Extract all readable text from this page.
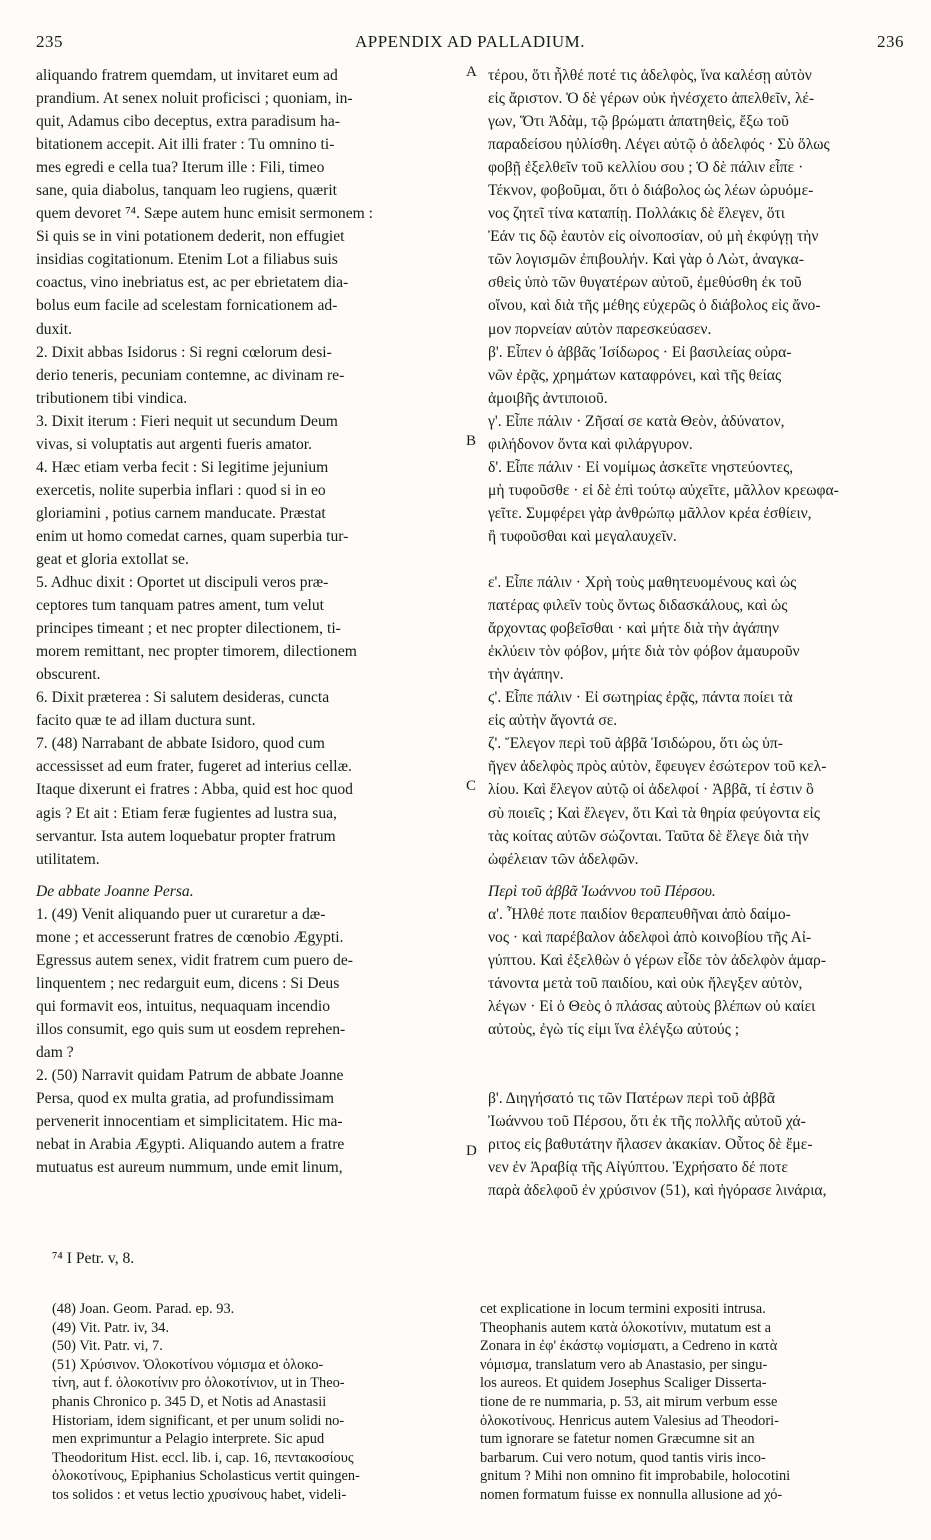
235	APPENDIX AD PALLADIUM.	236

aliquando fratrem quemdam, ut invitaret eum ad

prandium. At senex noluit proficisci ; quoniam, in-

quit, Adamus cibo deceptus, extra paradisum ha-

bitationem accepit. Ait illi frater : Tu omnino ti-

mes egredi e cella tua? Iterum ille : Fili, timeo

sane, quia diabolus, tanquam leo rugiens, quærit

quem devoret ⁷⁴. Sæpe autem hunc emisit sermonem :

Si quis se in vini potationem dederit, non effugiet

insidias cogitationum. Etenim Lot a filiabus suis

coactus, vino inebriatus est, ac per ebrietatem dia-

bolus eum facile ad scelestam fornicationem ad-

duxit.

2. Dixit abbas Isidorus : Si regni cœlorum desi-

derio teneris, pecuniam contemne, ac divinam re-

tributionem tibi vindica.

3. Dixit iterum : Fieri nequit ut secundum Deum

vivas, si voluptatis aut argenti fueris amator.

4. Hæc etiam verba fecit : Si legitime jejunium

exercetis, nolite superbia inflari : quod si in eo

gloriamini , potius carnem manducate. Præstat

enim ut homo comedat carnes, quam superbia tur-

geat et gloria extollat se.

5. Adhuc dixit : Oportet ut discipuli veros præ-

ceptores tum tanquam patres ament, tum velut

principes timeant ; et nec propter dilectionem, ti-

morem remittant, nec propter timorem, dilectionem

obscurent.

6. Dixit præterea : Si salutem desideras, cuncta

facito quæ te ad illam ductura sunt.

7. (48) Narrabant de abbate Isidoro, quod cum

accessisset ad eum frater, fugeret ad interius cellæ.

Itaque dixerunt ei fratres : Abba, quid est hoc quod

agis ? Et ait : Etiam feræ fugientes ad lustra sua,

servantur. Ista autem loquebatur propter fratrum

utilitatem.

De abbate Joanne Persa.

1. (49) Venit aliquando puer ut curaretur a dæ-

mone ; et accesserunt fratres de cœnobio Ægypti.

Egressus autem senex, vidit fratrem cum puero de-

linquentem ; nec redarguit eum, dicens : Si Deus

qui formavit eos, intuitus, nequaquam incendio

illos consumit, ego quis sum ut eosdem reprehen-

dam ?

2. (50) Narravit quidam Patrum de abbate Joanne

Persa, quod ex multa gratia, ad profundissimam

pervenerit innocentiam et simplicitatem. Hic ma-

nebat in Arabia Ægypti. Aliquando autem a fratre

mutuatus est aureum nummum, unde emit linum,

τέρου, ὅτι ἦλθέ ποτέ τις ἀδελφὸς, ἵνα καλέσῃ αὐτὸν

εἰς ἄριστον. Ὁ δὲ γέρων οὐκ ἠνέσχετο ἀπελθεῖν, λέ-

γων, Ὅτι Ἀδὰμ, τῷ βρώματι ἀπατηθεὶς, ἔξω τοῦ

παραδείσου ηὐλίσθη. Λέγει αὐτῷ ὁ ἀδελφός · Σὺ ὅλως

φοβῇ ἐξελθεῖν τοῦ κελλίου σου ; Ὁ δὲ πάλιν εἶπε ·

Τέκνον, φοβοῦμαι, ὅτι ὁ διάβολος ὡς λέων ὠρυόμε-

νος ζητεῖ τίνα καταπίῃ. Πολλάκις δὲ ἔλεγεν, ὅτι

Ἐάν τις δῷ ἑαυτὸν εἰς οἰνοποσίαν, οὐ μὴ ἐκφύγῃ τὴν

τῶν λογισμῶν ἐπιβουλήν. Καὶ γὰρ ὁ Λὼτ, ἀναγκα-

σθεὶς ὑπὸ τῶν θυγατέρων αὐτοῦ, ἐμεθύσθη ἐκ τοῦ

οἴνου, καὶ διὰ τῆς μέθης εὐχερῶς ὁ διάβολος εἰς ἄνο-

μον πορνείαν αὐτὸν παρεσκεύασεν.

β'. Εἶπεν ὁ ἀββᾶς Ἰσίδωρος · Εἰ βασιλείας οὐρα-

νῶν ἐρᾷς, χρημάτων καταφρόνει, καὶ τῆς θείας

ἀμοιβῆς ἀντιποιοῦ.

γ'. Εἶπε πάλιν · Ζῆσαί σε κατὰ Θεὸν, ἀδύνατον,

φιλήδονον ὄντα καὶ φιλάργυρον.

δ'. Εἶπε πάλιν · Εἰ νομίμως ἀσκεῖτε νηστεύοντες,

μὴ τυφοῦσθε · εἰ δὲ ἐπὶ τούτῳ αὐχεῖτε, μᾶλλον κρεωφα-

γεῖτε. Συμφέρει γὰρ ἀνθρώπῳ μᾶλλον κρέα ἐσθίειν,

ἢ τυφοῦσθαι καὶ μεγαλαυχεῖν.

ε'. Εἶπε πάλιν · Χρὴ τοὺς μαθητευομένους καὶ ὡς

πατέρας φιλεῖν τοὺς ὄντως διδασκάλους, καὶ ὡς

ἄρχοντας φοβεῖσθαι · καὶ μήτε διὰ τὴν ἀγάπην

ἐκλύειν τὸν φόβον, μήτε διὰ τὸν φόβον ἀμαυροῦν

τὴν ἀγάπην.

ϛ'. Εἶπε πάλιν · Εἰ σωτηρίας ἐρᾷς, πάντα ποίει τὰ

εἰς αὐτὴν ἄγοντά σε.

ζ'. Ἔλεγον περὶ τοῦ ἀββᾶ Ἰσιδώρου, ὅτι ὡς ὑπ-

ῆγεν ἀδελφὸς πρὸς αὐτὸν, ἔφευγεν ἐσώτερον τοῦ κελ-

λίου. Καὶ ἔλεγον αὐτῷ οἱ ἀδελφοί · Ἀββᾶ, τί ἐστιν ὃ

σὺ ποιεῖς ; Καὶ ἔλεγεν, ὅτι Καὶ τὰ θηρία φεύγοντα εἰς

τὰς κοίτας αὐτῶν σώζονται. Ταῦτα δὲ ἔλεγε διὰ τὴν

ὠφέλειαν τῶν ἀδελφῶν.

Περὶ τοῦ ἀββᾶ Ἰωάννου τοῦ Πέρσου.

α'. Ἦλθέ ποτε παιδίον θεραπευθῆναι ἀπὸ δαίμο-

νος · καὶ παρέβαλον ἀδελφοὶ ἀπὸ κοινοβίου τῆς Αἰ-

γύπτου. Καὶ ἐξελθὼν ὁ γέρων εἶδε τὸν ἀδελφὸν ἁμαρ-

τάνοντα μετὰ τοῦ παιδίου, καὶ οὐκ ἤλεγξεν αὐτὸν,

λέγων · Εἰ ὁ Θεὸς ὁ πλάσας αὐτοὺς βλέπων οὐ καίει

αὐτοὺς, ἐγὼ τίς εἰμι ἵνα ἐλέγξω αὐτούς ;

β'. Διηγήσατό τις τῶν Πατέρων περὶ τοῦ ἀββᾶ

Ἰωάννου τοῦ Πέρσου, ὅτι ἐκ τῆς πολλῆς αὐτοῦ χά-

ριτος εἰς βαθυτάτην ἤλασεν ἀκακίαν. Οὗτος δὲ ἔμε-

νεν ἐν Ἀραβίᾳ τῆς Αἰγύπτου. Ἐχρήσατο δέ ποτε

παρὰ ἀδελφοῦ ἐν χρύσινον (51), καὶ ἠγόρασε λινάρια,

A
B
C
D
⁷⁴ I Petr. v, 8.

(48) Joan. Geom. Parad. ep. 93.

(49) Vit. Patr. iv, 34.

(50) Vit. Patr. vi, 7.

(51) Χρύσινον. Ὁλοκοτίνου νόμισμα et ὁλοκο-

τίνη, aut f. ὁλοκοτίνιν pro ὁλοκοτίνιον, ut in Theo-

phanis Chronico p. 345 D, et Notis ad Anastasii

Historiam, idem significant, et per unum solidi no-

men exprimuntur a Pelagio interprete. Sic apud

Theodoritum Hist. eccl. lib. i, cap. 16, πεντακοσίους

ὁλοκοτίνους, Epiphanius Scholasticus vertit quingen-

tos solidos : et vetus lectio χρυσίνους habet, videli-

cet explicatione in locum termini expositi intrusa.

Theophanis autem κατὰ ὁλοκοτίνιν, mutatum est a

Zonara in ἐφ' ἑκάστῳ νομίσματι, a Cedreno in κατὰ

νόμισμα, translatum vero ab Anastasio, per singu-

los aureos. Et quidem Josephus Scaliger Disserta-

tione de re nummaria, p. 53, ait mirum verbum esse

ὁλοκοτίνους. Henricus autem Valesius ad Theodori-

tum ignorare se fatetur nomen Græcumne sit an

barbarum. Cui vero notum, quod tantis viris inco-

gnitum ? Mihi non omnino fit improbabile, holocotini

nomen formatum fuisse ex nonnulla allusione ad χό-
